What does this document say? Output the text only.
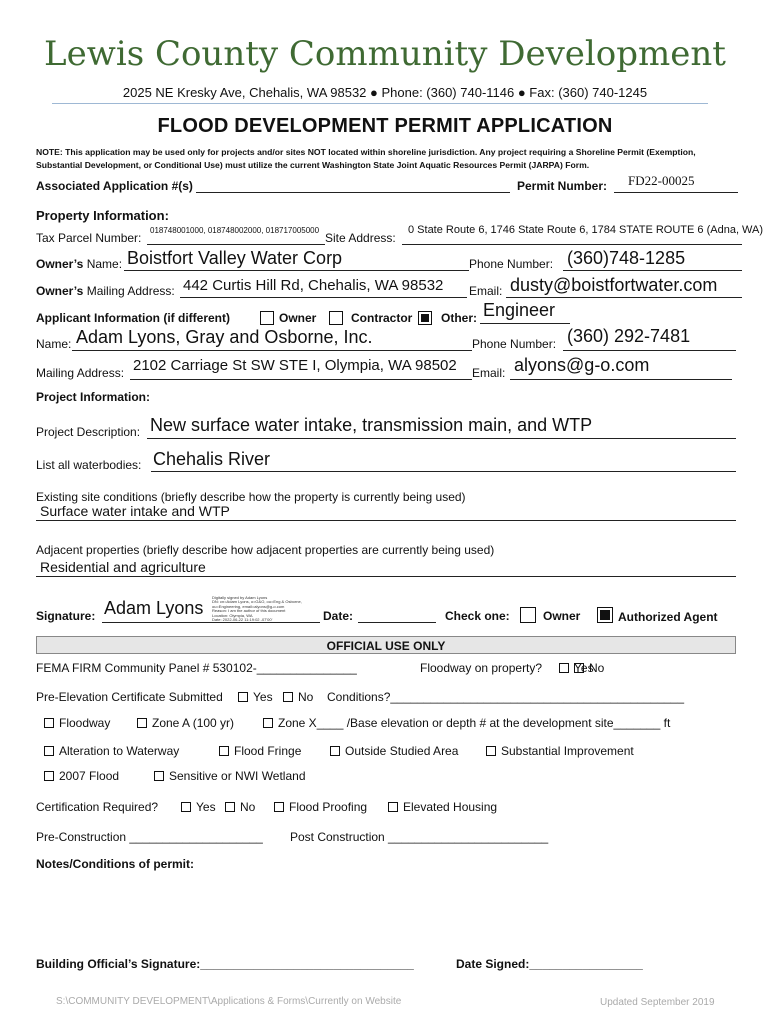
Lewis County Community Development
2025 NE Kresky Ave, Chehalis, WA 98532 ● Phone: (360) 740-1146 ● Fax: (360) 740-1245
FLOOD DEVELOPMENT PERMIT APPLICATION
NOTE: This application may be used only for projects and/or sites NOT located within shoreline jurisdiction. Any project requiring a Shoreline Permit (Exemption,
Substantial Development, or Conditional Use) must utilize the current Washington State Joint Aquatic Resources Permit (JARPA) Form.
Associated Application #(s)	Permit Number: FD22-00025
Property Information:
Tax Parcel Number:
018748001000, 018748002000, 018717005000
Site Address:
0 State Route 6, 1746 State Route 6, 1784 STATE ROUTE 6 (Adna, WA)
Owner’s Name: Boistfort Valley Water Corp	Phone Number: (360)748-1285
Owner’s Mailing Address: 442 Curtis Hill Rd, Chehalis, WA 98532 Email: dusty@boistfortwater.com
Applicant Information (if different)	Owner	Contractor Other: Engineer
Name: Adam Lyons, Gray and Osborne, Inc.	Phone Number: (360) 292-7481
Mailing Address: 2102 Carriage St SW STE I, Olympia, WA 98502 Email: alyons@g-o.com
Project Information:
Project Description: New surface water intake, transmission main, and WTP
List all waterbodies: Chehalis River
Existing site conditions (briefly describe how the property is currently being used)
Surface water intake and WTP
Adjacent properties (briefly describe how adjacent properties are currently being used)
Residential and agriculture
Signature: Adam Lyons
Digitally signed by Adam Lyons
DN: cn=Adam Lyons, o=G&O, ou=Eng & Osborne,
ou=Engineering, email=alyons@g-o.com
Reason: I am the author of this document
Location: Olympia, WA
Date: 2022-06-22 11:19:02 -07'00'	Date:	Check one:	Owner	Authorized Agent
OFFICIAL USE ONLY
FEMA FIRM Community Panel # 530102-_______________	Floodway on property?	Yes
No
Pre-Elevation Certificate Submitted	Yes	No Conditions?____________________________________________
Floodway	Zone A (100 yr)	Zone X____ /Base elevation or depth # at the development site_______ ft
Alteration to Waterway	Flood Fringe	Outside Studied Area	Substantial Improvement
2007 Flood	Sensitive or NWI Wetland
Certification Required?	Yes	No	Flood Proofing	Elevated Housing
Pre-Construction ____________________ Post Construction ________________________
Notes/Conditions of permit:
Building Official’s Signature:________________________________	Date Signed:_________________
S:\COMMUNITY DEVELOPMENT\Applications & Forms\Currently on Website	Updated September 2019
